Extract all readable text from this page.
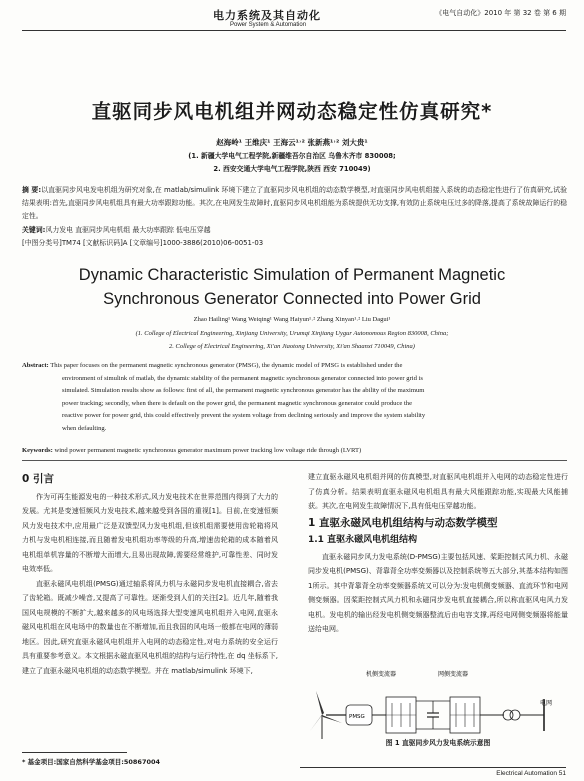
电力系统及其自动化
Power System & Automation
《电气自动化》2010 年 第 32 卷 第 6 期
直驱同步风电机组并网动态稳定性仿真研究*
赵海岭¹ 王维庆¹ 王海云¹˒² 张新燕¹˒² 刘大贵¹
(1. 新疆大学电气工程学院,新疆维吾尔自治区 乌鲁木齐市 830008;
2. 西安交通大学电气工程学院,陕西 西安 710049)
摘 要:以直驱同步风电发电机组为研究对象,在 matlab/simulink 环境下建立了直驱同步风电机组的动态数学模型,对直驱同步风电机组接入系统的动态稳定性进行了仿真研究,试验结果表明:首先,直驱同步风电机组具有最大功率跟踪功能。其次,在电网发生故障时,直驱同步风电机组能为系统提供无功支撑,有效防止系统电压过多的降落,提高了系统故障运行的稳定性。
关键词:风力发电 直驱同步风电机组 最大功率跟踪 低电压穿越
[中图分类号]TM74 [文献标识码]A [文章编号]1000-3886(2010)06-0051-03
Dynamic Characteristic Simulation of Permanent Magnetic
Synchronous Generator Connected into Power Grid
Zhao Hailing¹ Wang Weiqing¹ Wang Haiyun¹˒² Zhang Xinyan¹˒² Liu Dagui¹
(1. College of Electrical Engineering, Xinjiang University, Urumqi Xinjiang Uygur Autonomous Region 830008, China;
2. College of Electrical Engineering, Xi'an Jiaotong University, Xi'an Shaanxi 710049, China)
Abstract: This paper focuses on the permanent magnetic synchronous generator (PMSG), the dynamic model of PMSG is established under the
environment of simulink of matlab, the dynamic stability of the permanent magnetic synchronous generator connected into power grid is
simulated. Simulation results show as follows: first of all, the permanent magnetic synchronous generator has the ability of the maximum
power tracking; secondly, when there is default on the power grid, the permanent magnetic synchronous generator could produce the
reactive power for power grid, this could effectively prevent the system voltage from declining seriously and improve the system stability
when defaulting.
Keywords: wind power permanent magnetic synchronous generator maximum power tracking low voltage ride through (LVRT)
0 引言

作为可再生能源发电的一种技术形式,风力发电技术在世界范围内得到了大力的发展。尤其是变速恒频风力发电技术,越来越受到各国的重视[1]。目前,在变速恒频风力发电技术中,应用最广泛是双馈型风力发电机组,但该机组需要使用齿轮箱将风力机与发电机相连接,而且随着发电机组功率等级的升高,增速齿轮箱的成本随着风电机组单机容量的不断增大而增大,且易出现故障,需要经常维护,可靠性差、同时发电效率低。

直驱永磁风电机组(PMSG)通过轴系将风力机与永磁同步发电机直接耦合,省去了齿轮箱。既减少噪音,又提高了可靠性。逐渐受到人们的关注[2]。近几年,随着我国风电规模的不断扩大,越来越多的风电场选择大型变速风电机组并入电网,直驱永磁风电机组在风电场中的数量也在不断增加,而且我国的风电场一般都在电网的薄弱地区。因此,研究直驱永磁风电机组并入电网的动态稳定性,对电力系统的安全运行具有重要参考意义。本文根据永磁直驱风电机组的结构与运行特性,在 dq 坐标系下,建立了直驱永磁风电机组的动态数学模型。并在 matlab/simulink 环境下,

建立直驱永磁风电机组并网的仿真模型,对直驱风电机组并入电网的动态稳定性进行了仿真分析。结果表明直驱永磁风电机组具有最大风能跟踪功能,实现最大风能捕获。其次,在电网发生故障情况下,具有低电压穿越功能。

1 直驱永磁风电机组结构与动态数学模型
1.1 直驱永磁风电机组结构

直驱永磁同步风力发电系统(D-PMSG)主要包括风速、桨距控制式风力机、永磁同步发电机(PMSG)、背靠背全功率变频器以及控制系统等五大部分,其基本结构如图1所示。其中背靠背全功率变频器系统又可以分为:发电机侧变频器、直流环节和电网侧变频器。因桨距控制式风力机和永磁同步发电机直接耦合,所以称直驱风电风力发电机。发电机的输出经发电机侧变频器整流后由电容支撑,再经电网侧变频器将能量送给电网。

机侧变流器	网侧变流器
电网
PMSG
图 1 直驱同步风力发电系统示意图
* 基金项目:国家自然科学基金项目:50867004
Electrical Automation 51
